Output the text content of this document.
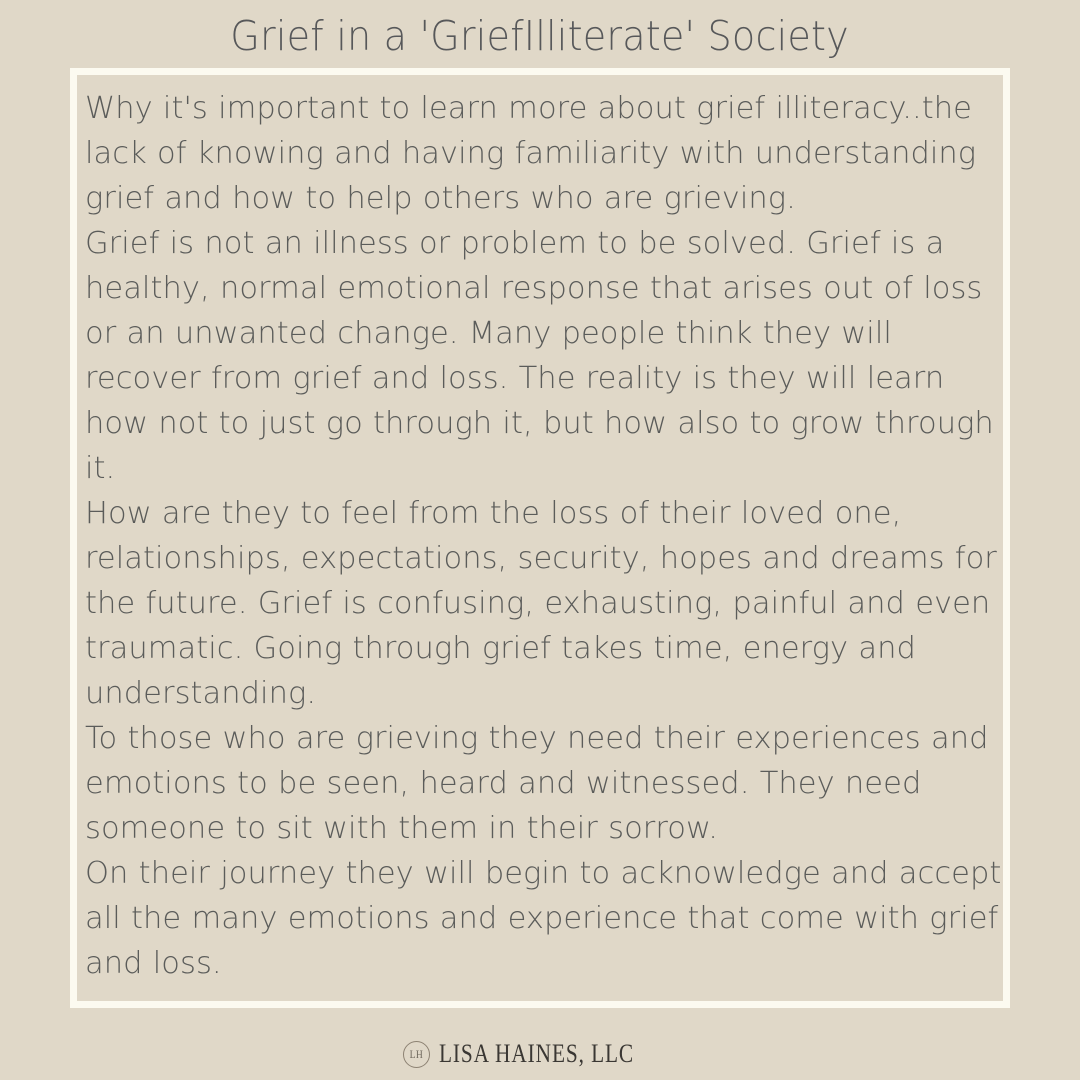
Grief in a 'GriefIlliterate' Society

Why it's important to learn more about grief illiteracy..the lack of knowing and having familiarity with understanding grief and how to help others who are grieving.

Grief is not an illness or problem to be solved. Grief is a healthy, normal emotional response that arises out of loss or an unwanted change. Many people think they will recover from grief and loss. The reality is they will learn how not to just go through it, but how also to grow through it.

How are they to feel from the loss of their loved one, relationships, expectations, security, hopes and dreams for the future. Grief is confusing, exhausting, painful and even traumatic. Going through grief takes time, energy and understanding.

To those who are grieving they need their experiences and emotions to be seen, heard and witnessed. They need someone to sit with them in their sorrow.

On their journey they will begin to acknowledge and accept all the many emotions and experience that come with grief and loss.

LH LISA HAINES, LLC
